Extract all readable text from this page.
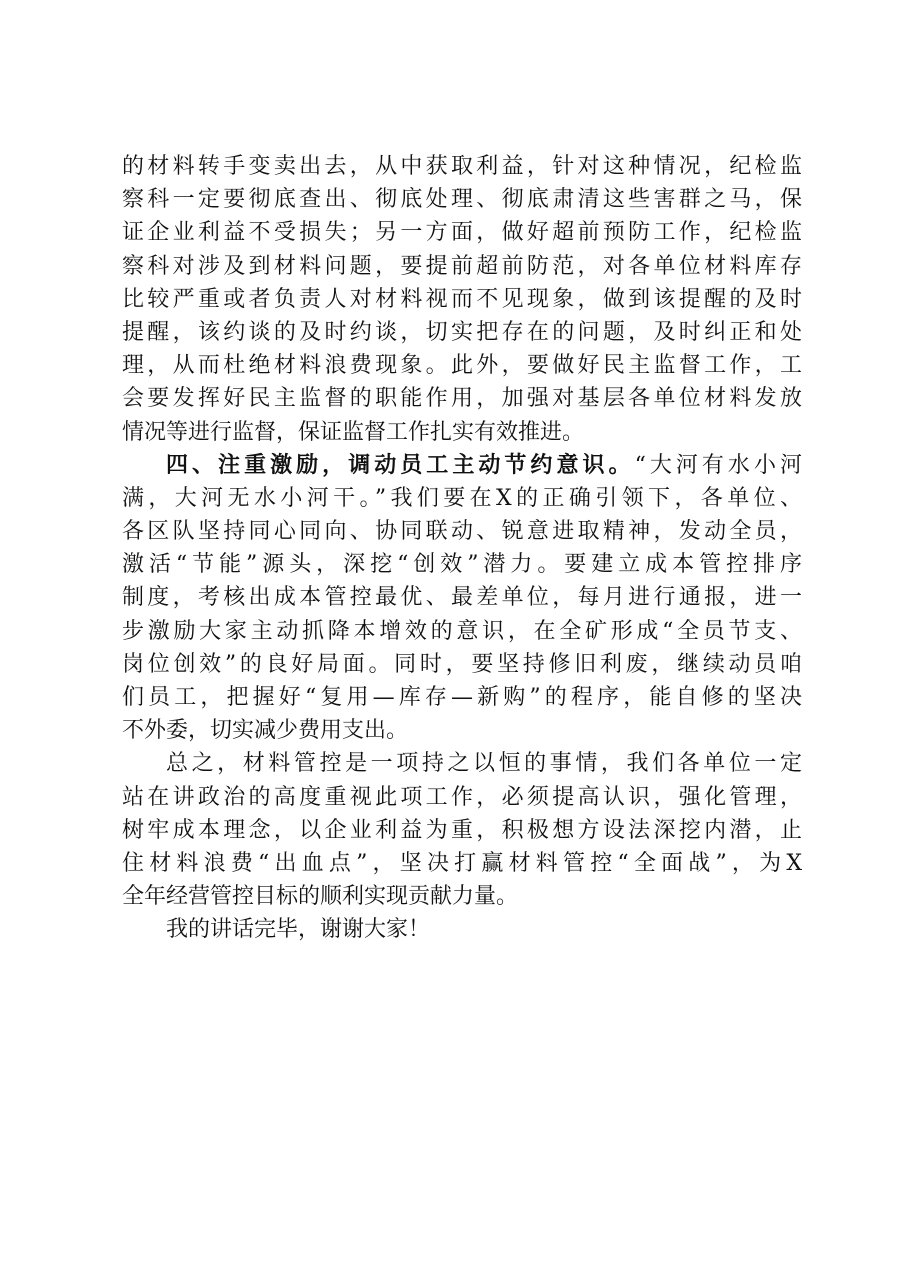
的材料转手变卖出去，从中获取利益，针对这种情况，纪检监
察科一定要彻底查出、彻底处理、彻底肃清这些害群之马，保
证企业利益不受损失；另一方面，做好超前预防工作，纪检监
察科对涉及到材料问题，要提前超前防范，对各单位材料库存
比较严重或者负责人对材料视而不见现象，做到该提醒的及时
提醒，该约谈的及时约谈，切实把存在的问题，及时纠正和处
理，从而杜绝材料浪费现象。此外，要做好民主监督工作，工
会要发挥好民主监督的职能作用，加强对基层各单位材料发放
情况等进行监督，保证监督工作扎实有效推进。
四、注重激励，调动员工主动节约意识。“大河有水小河
满，大河无水小河干。”我们要在X的正确引领下，各单位、
各区队坚持同心同向、协同联动、锐意进取精神，发动全员，
激活“节能”源头，深挖“创效”潜力。要建立成本管控排序
制度，考核出成本管控最优、最差单位，每月进行通报，进一
步激励大家主动抓降本增效的意识，在全矿形成“全员节支、
岗位创效”的良好局面。同时，要坚持修旧利废，继续动员咱
们员工，把握好“复用—库存—新购”的程序，能自修的坚决
不外委，切实减少费用支出。
总之，材料管控是一项持之以恒的事情，我们各单位一定
站在讲政治的高度重视此项工作，必须提高认识，强化管理，
树牢成本理念，以企业利益为重，积极想方设法深挖内潜，止
住材料浪费“出血点”，坚决打赢材料管控“全面战”，为X
全年经营管控目标的顺利实现贡献力量。
我的讲话完毕，谢谢大家！
